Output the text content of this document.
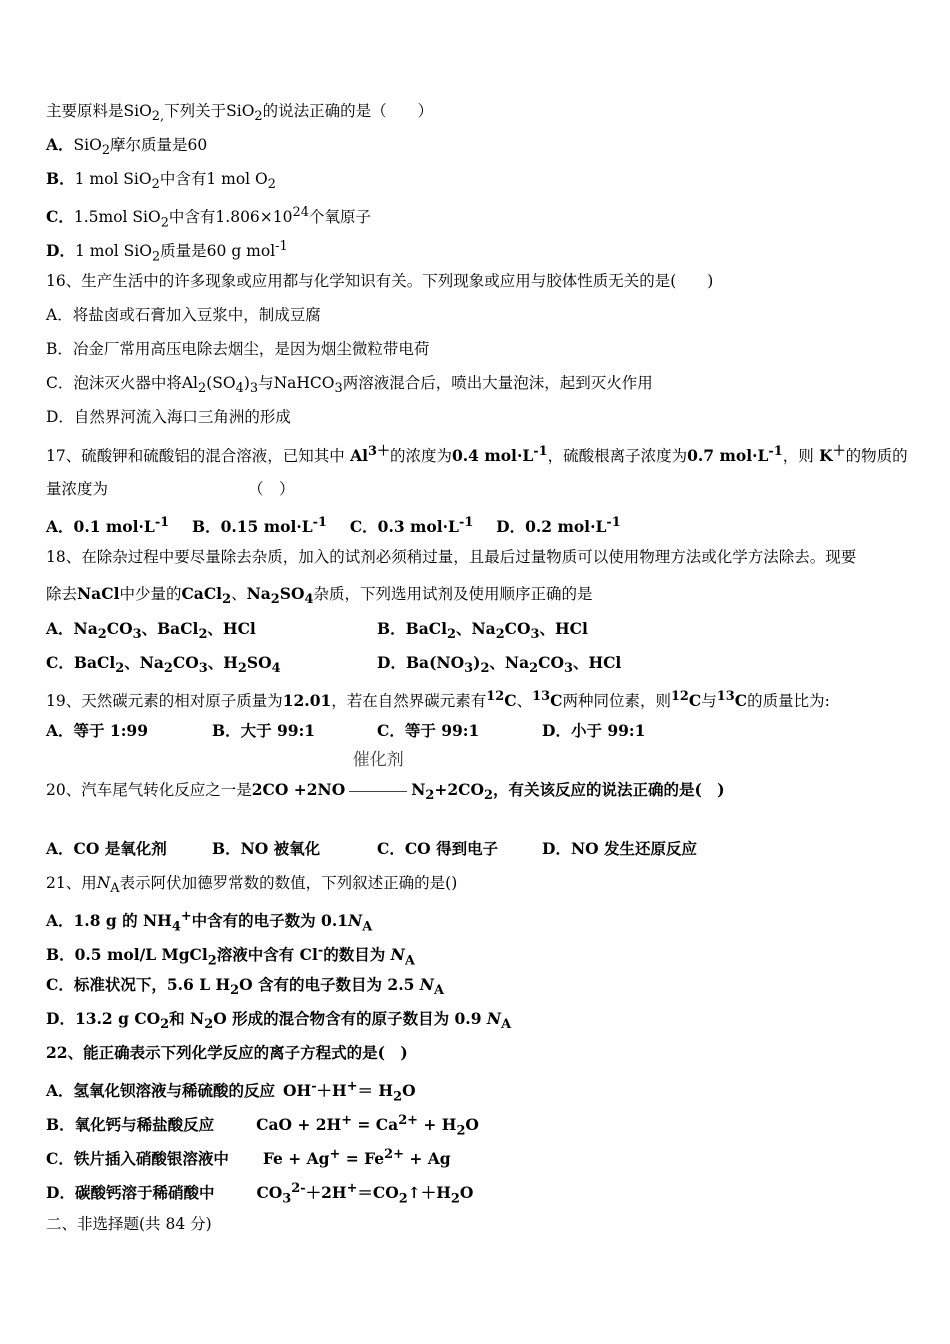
主要原料是SiO$_{2,}$下列关于SiO$_2$的说法正确的是（　　）
A．SiO$_2$摩尔质量是60
B．1 mol SiO$_2$中含有1 mol $O_2$
C．1.5mol SiO$_2$中含有$1.806\times 10^{24}$个氧原子
D．1 mol SiO$_2$质量是60 g mol$^{-1}$
16、生产生活中的许多现象或应用都与化学知识有关。下列现象或应用与胶体性质无关的是(　　)
A．将盐卤或石膏加入豆浆中，制成豆腐
B．冶金厂常用高压电除去烟尘，是因为烟尘微粒带电荷
C．泡沫灭火器中将$Al_2(SO_4)_3$与NaHCO$_3$两溶液混合后，喷出大量泡沫，起到灭火作用
D．自然界河流入海口三角洲的形成
17、硫酸钾和硫酸铝的混合溶液，已知其中 $Al^{3+}$的浓度为0.4 $mol\cdot L^{-1}$，硫酸根离子浓度为0.7 $mol\cdot L^{-1}$，则 K＋的物质的
量浓度为	（　）
A．0.1 $mol\cdot L^{-1}$ B．0.15 $mol\cdot L^{-1}$ C．0.3 $mol\cdot L^{-1}$ D．0.2 $mol\cdot L^{-1}$
18、在除杂过程中要尽量除去杂质，加入的试剂必须稍过量，且最后过量物质可以使用物理方法或化学方法除去。现要
除去NaCl中少量的CaCl$_2$、$Na_2SO_4$杂质，下列选用试剂及使用顺序正确的是
A．$Na_2CO_3$、BaCl$_2$、HCl	B．BaCl$_2$、$Na_2CO_3$、HCl
C．BaCl$_2$、$Na_2CO_3$、$H_2SO_4$	D．$Ba(NO_3)_2$、$Na_2CO_3$、HCl
19、天然碳元素的相对原子质量为12.01，若在自然界碳元素有$^{12}$C、$^{13}$C两种同位素，则$^{12}$C与$^{13}$C的质量比为:
A．等于 1:99	B．大于 99:1	C．等于 99:1	D．小于 99:1
20、汽车尾气转化反应之一是2CO +2NO
催化剂
$N_2+2CO_2$，有关该反应的说法正确的是(　)
A．CO 是氧化剂	B．NO 被氧化	C．CO 得到电子	D．NO 发生还原反应
21、用$N_A$表示阿伏加德罗常数的数值，下列叙述正确的是()
A．1.8 g 的 $NH_4^+$中含有的电子数为 $0.1N_A$
B．0.5 mol/L MgCl$_2$溶液中含有 Cl-的数目为 $N_A$
C．标准状况下，5.6 L $H_2O$ 含有的电子数目为 2.5 $N_A$
D．13.2 g $CO_2$和 $N_2O$ 形成的混合物含有的原子数目为 0.9 $N_A$
22、能正确表示下列化学反应的离子方程式的是(　)
A．氢氧化钡溶液与稀硫酸的反应 $OH^-+H^+= H_2O$
B．氧化钙与稀盐酸反应	CaO + $2H^+ = Ca^{2+} + H_2O$
C．铁片插入硝酸银溶液中 $Fe + Ag^+ = Fe^{2+} + Ag$
D．碳酸钙溶于稀硝酸中	$CO_3^{2-}+2H^+=CO_2↑+H_2O$
二、非选择题(共 84 分)
